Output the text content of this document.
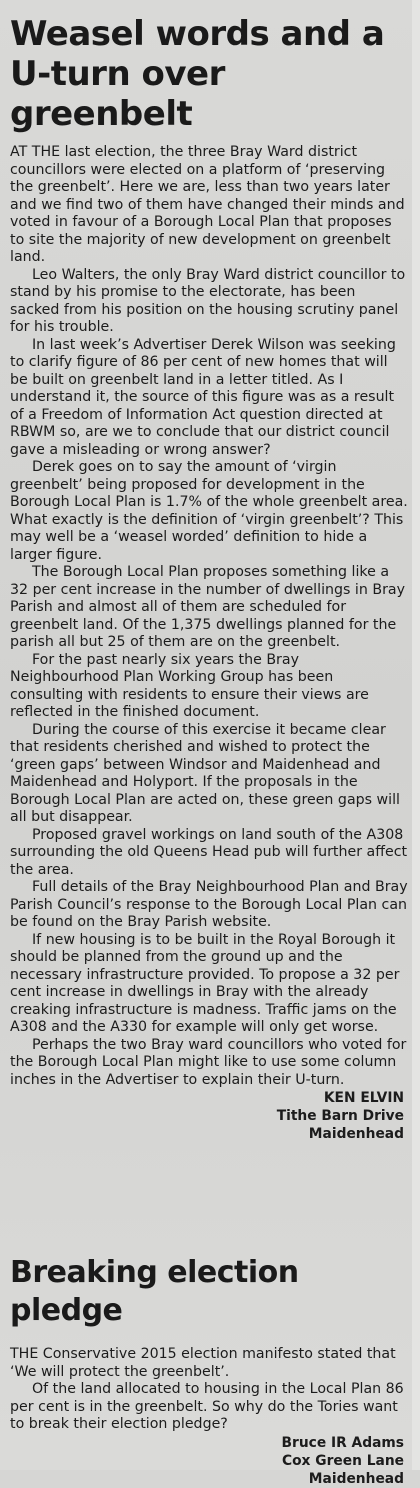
Weasel words and a
U-turn over greenbelt

AT THE last election, the three Bray Ward district councillors were elected on a platform of ‘preserving the greenbelt’. Here we are, less than two years later and we find two of them have changed their minds and voted in favour of a Borough Local Plan that proposes to site the majority of new development on greenbelt land.

Leo Walters, the only Bray Ward district councillor to stand by his promise to the electorate, has been sacked from his position on the housing scrutiny panel for his trouble.

In last week’s Advertiser Derek Wilson was seeking to clarify figure of 86 per cent of new homes that will be built on greenbelt land in a letter titled. As I understand it, the source of this figure was as a result of a Freedom of Information Act question directed at RBWM so, are we to conclude that our district council gave a misleading or wrong answer?

Derek goes on to say the amount of ‘virgin greenbelt’ being proposed for development in the Borough Local Plan is 1.7% of the whole greenbelt area. What exactly is the definition of ‘virgin greenbelt’? This may well be a ‘weasel worded’ definition to hide a larger figure.

The Borough Local Plan proposes something like a 32 per cent increase in the number of dwellings in Bray Parish and almost all of them are scheduled for greenbelt land. Of the 1,375 dwellings planned for the parish all but 25 of them are on the greenbelt.

For the past nearly six years the Bray Neighbourhood Plan Working Group has been consulting with residents to ensure their views are reflected in the finished document.

During the course of this exercise it became clear that residents cherished and wished to protect the ‘green gaps’ between Windsor and Maidenhead and Maidenhead and Holyport. If the proposals in the Borough Local Plan are acted on, these green gaps will all but disappear.

Proposed gravel workings on land south of the A308 surrounding the old Queens Head pub will further affect the area.

Full details of the Bray Neighbourhood Plan and Bray Parish Council’s response to the Borough Local Plan can be found on the Bray Parish website.

If new housing is to be built in the Royal Borough it should be planned from the ground up and the necessary infrastructure provided. To propose a 32 per cent increase in dwellings in Bray with the already creaking infrastructure is madness. Traffic jams on the A308 and the A330 for example will only get worse.

Perhaps the two Bray ward councillors who voted for the Borough Local Plan might like to use some column inches in the Advertiser to explain their U-turn.

KEN ELVIN
Tithe Barn Drive
Maidenhead
Breaking election pledge

THE Conservative 2015 election manifesto stated that ‘We will protect the greenbelt’.

Of the land allocated to housing in the Local Plan 86 per cent is in the greenbelt. So why do the Tories want to break their election pledge?

Bruce IR Adams
Cox Green Lane
Maidenhead
